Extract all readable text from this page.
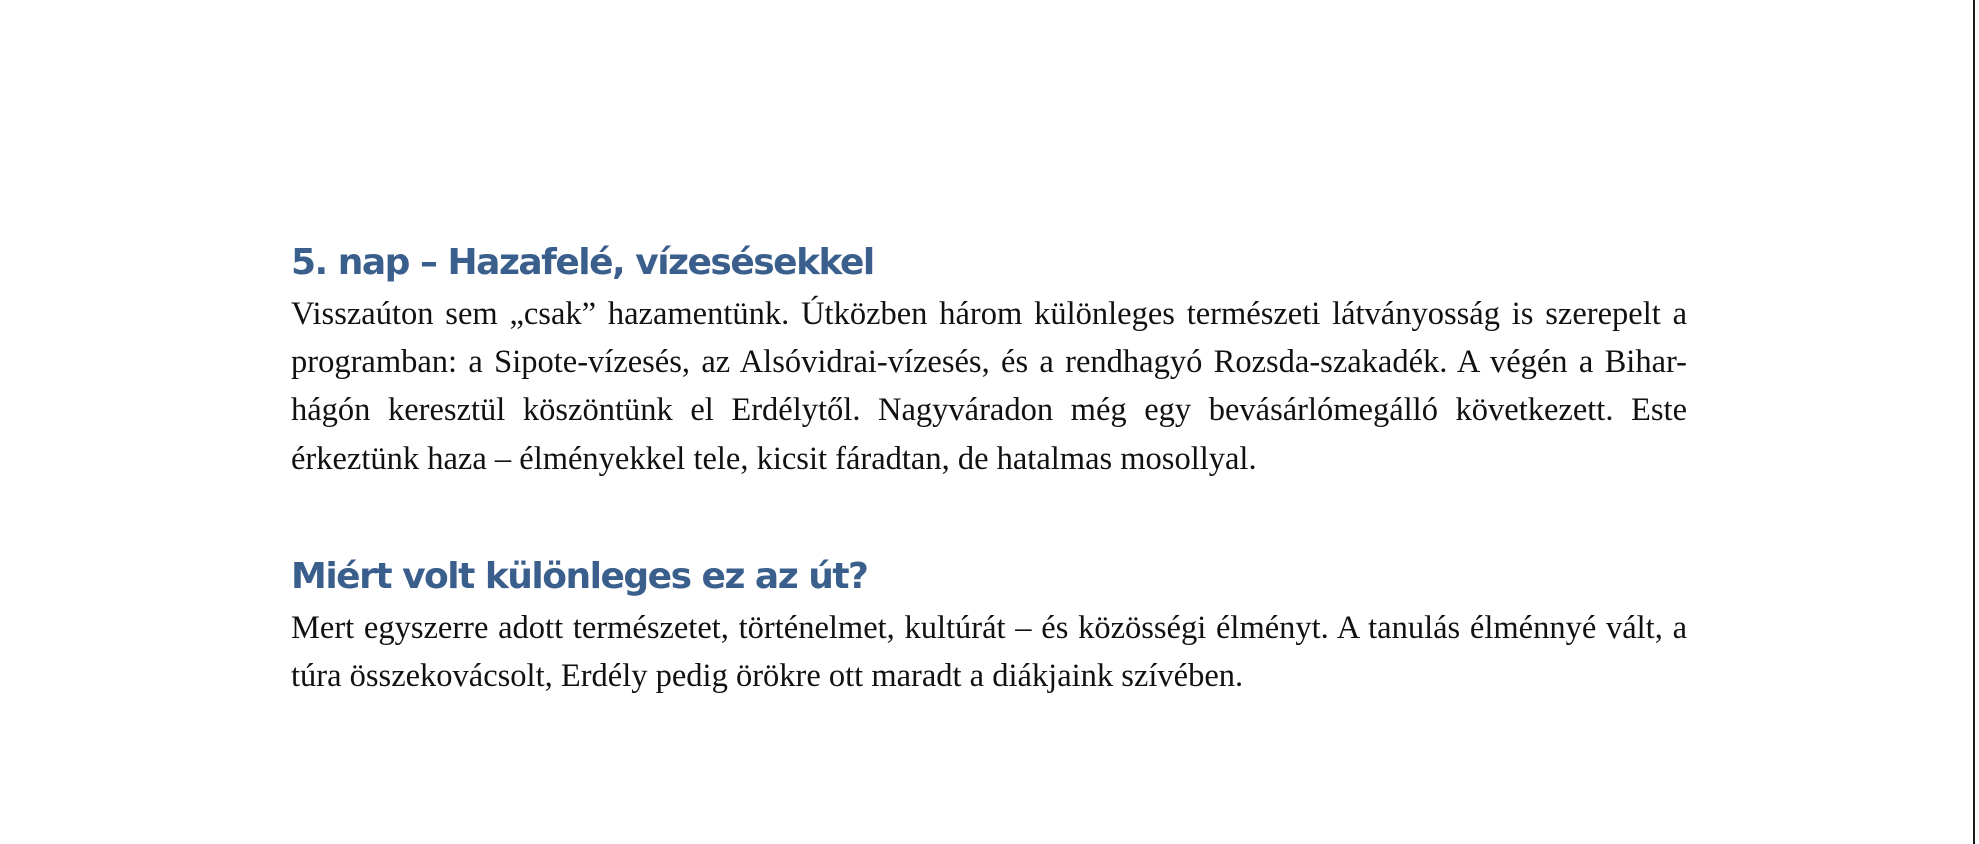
5. nap – Hazafelé, vízesésekkel

Visszaúton sem „csak” hazamentünk. Útközben három különleges természeti látványosság is szerepelt a programban: a Sipote-vízesés, az Alsóvidrai-vízesés, és a rendhagyó Rozsda-szakadék. A végén a Bihar-hágón keresztül köszöntünk el Erdélytől. Nagyváradon még egy bevásárlómegálló következett. Este érkeztünk haza – élményekkel tele, kicsit fáradtan, de hatalmas mosollyal.

Miért volt különleges ez az út?

Mert egyszerre adott természetet, történelmet, kultúrát – és közösségi élményt. A tanulás élménnyé vált, a túra összekovácsolt, Erdély pedig örökre ott maradt a diákjaink szívében.
